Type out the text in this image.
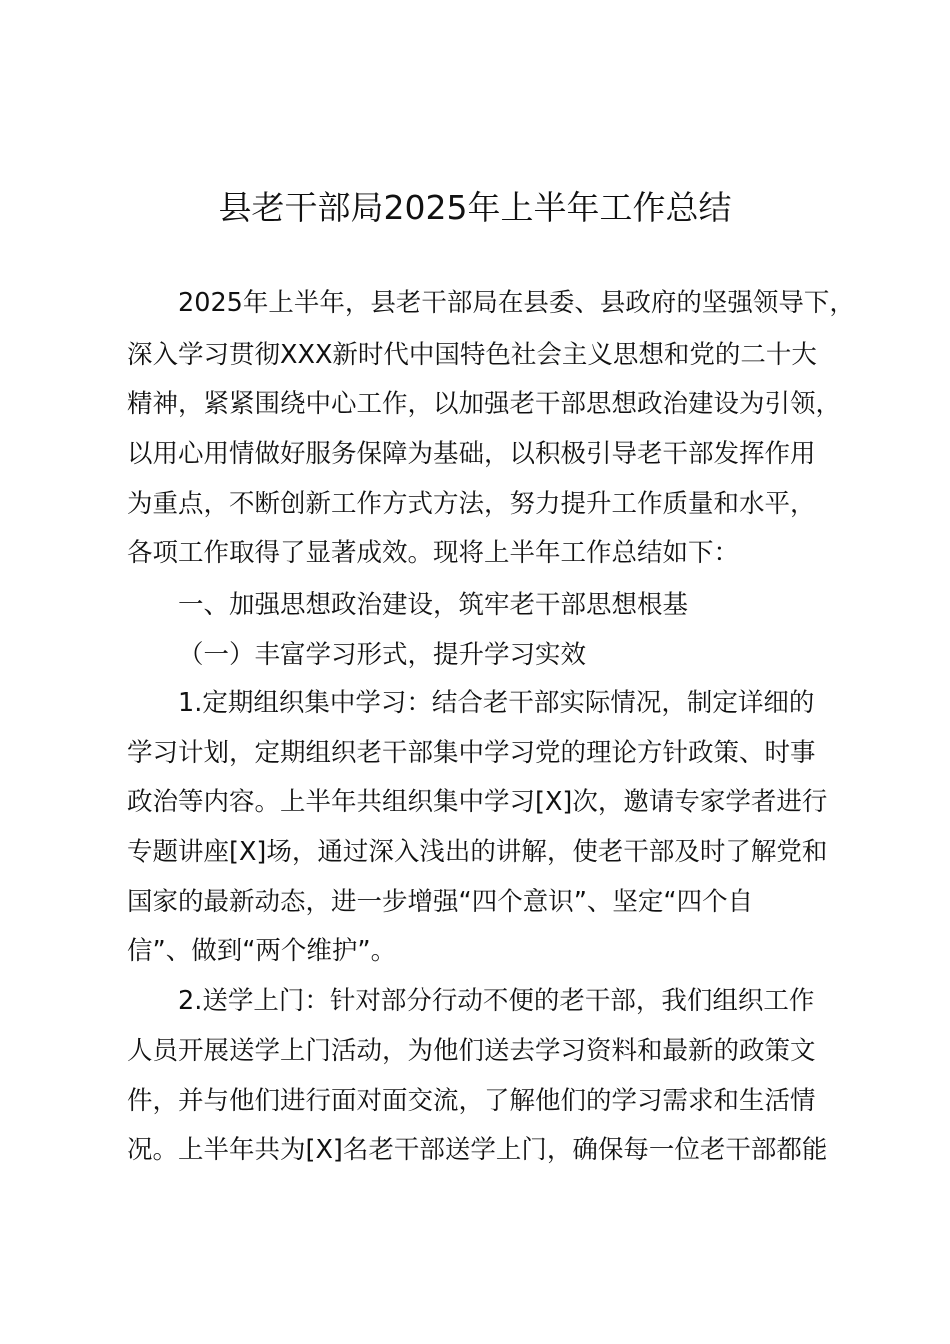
县老干部局2025年上半年工作总结
2025年上半年，县老干部局在县委、县政府的坚强领导下，
深入学习贯彻XXX新时代中国特色社会主义思想和党的二十大
精神，紧紧围绕中心工作，以加强老干部思想政治建设为引领，
以用心用情做好服务保障为基础，以积极引导老干部发挥作用
为重点，不断创新工作方式方法，努力提升工作质量和水平，
各项工作取得了显著成效。现将上半年工作总结如下：
一、加强思想政治建设，筑牢老干部思想根基
（一）丰富学习形式，提升学习实效
1.定期组织集中学习：结合老干部实际情况，制定详细的
学习计划，定期组织老干部集中学习党的理论方针政策、时事
政治等内容。上半年共组织集中学习[X]次，邀请专家学者进行
专题讲座[X]场，通过深入浅出的讲解，使老干部及时了解党和
国家的最新动态，进一步增强“四个意识”、坚定“四个自
信”、做到“两个维护”。
2.送学上门：针对部分行动不便的老干部，我们组织工作
人员开展送学上门活动，为他们送去学习资料和最新的政策文
件，并与他们进行面对面交流，了解他们的学习需求和生活情
况。上半年共为[X]名老干部送学上门，确保每一位老干部都能
